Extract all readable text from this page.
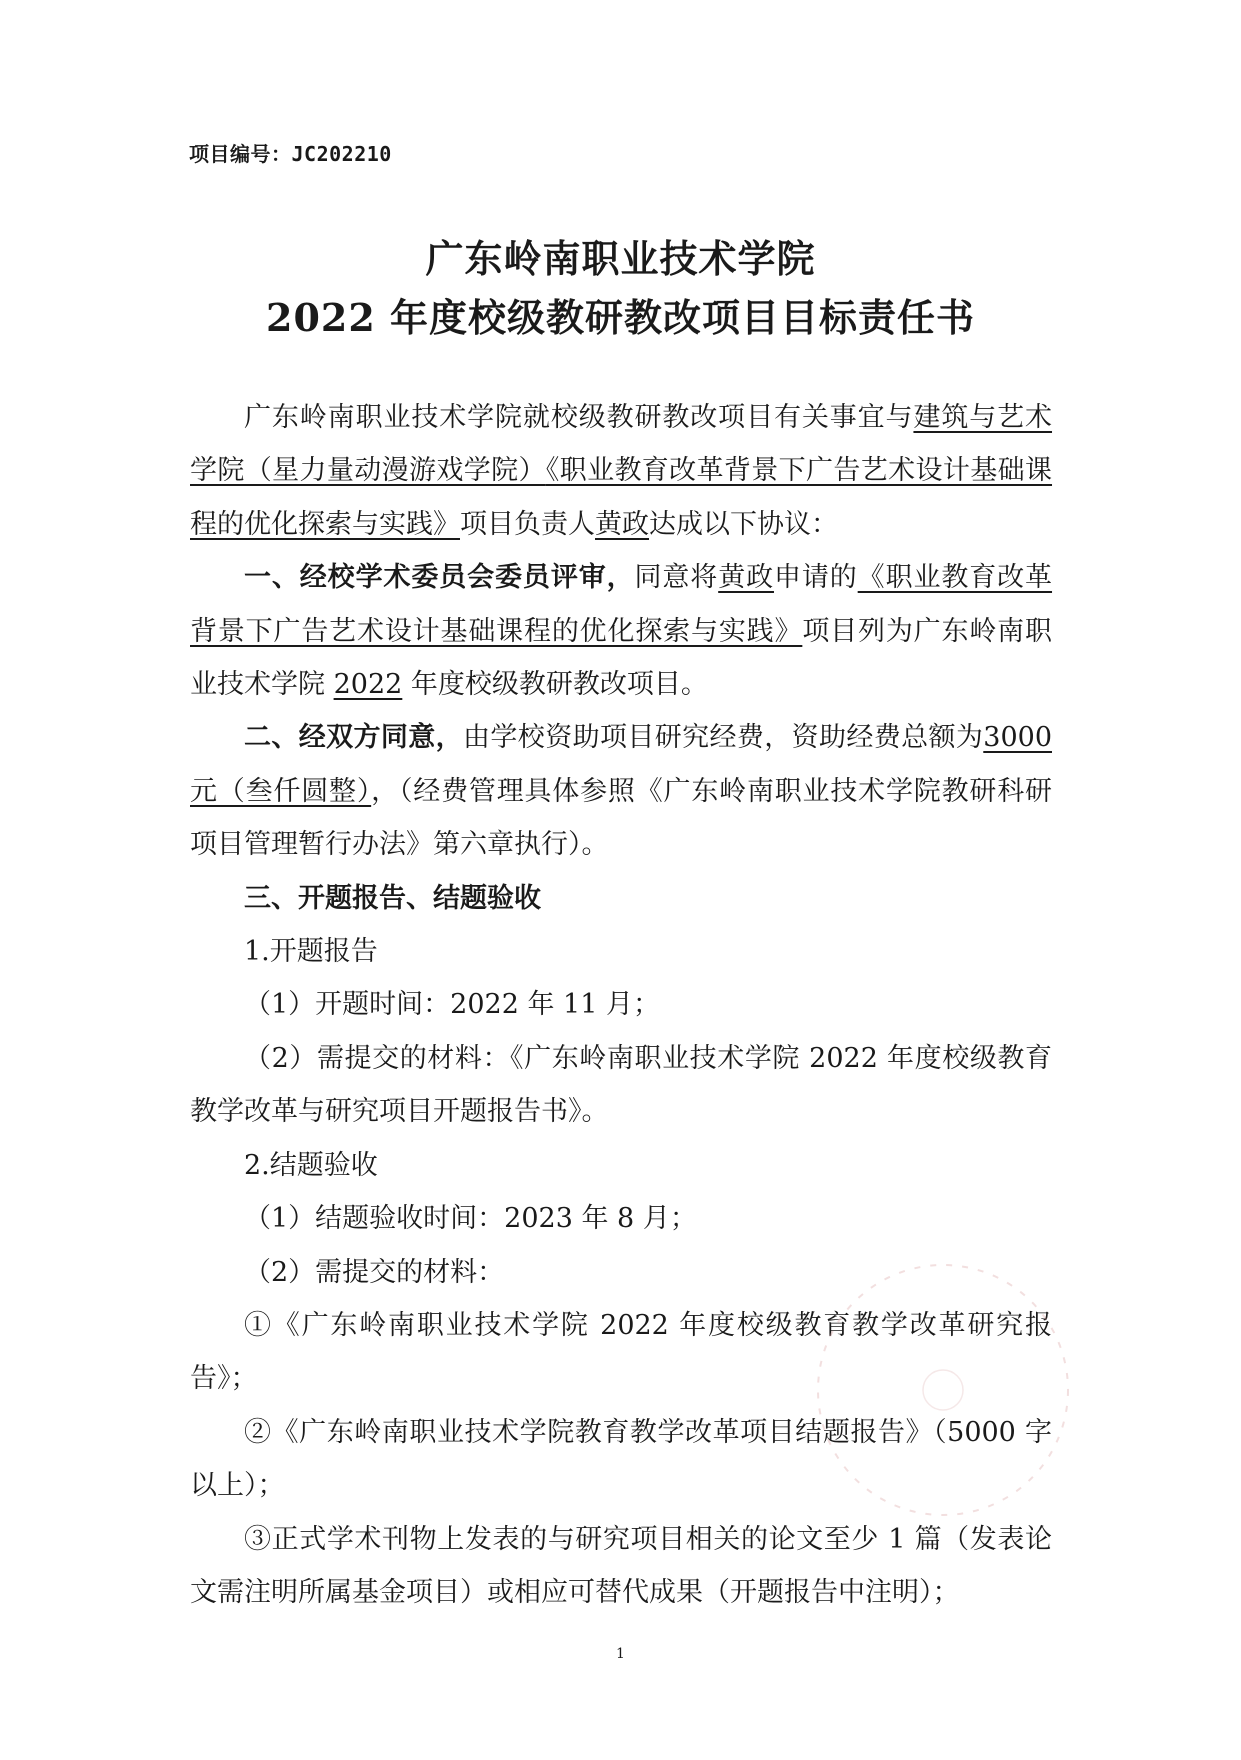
项目编号：JC202210
广东岭南职业技术学院
2022 年度校级教研教改项目目标责任书

广东岭南职业技术学院就校级教研教改项目有关事宜与建筑与艺术学院（星力量动漫游戏学院）《职业教育改革背景下广告艺术设计基础课程的优化探索与实践》项目负责人黄政达成以下协议：

一、经校学术委员会委员评审，同意将黄政申请的《职业教育改革背景下广告艺术设计基础课程的优化探索与实践》项目列为广东岭南职业技术学院 2022 年度校级教研教改项目。

二、经双方同意，由学校资助项目研究经费，资助经费总额为3000 元（叁仟圆整），（经费管理具体参照《广东岭南职业技术学院教研科研项目管理暂行办法》第六章执行）。

三、开题报告、结题验收

1.开题报告

（1）开题时间：2022 年 11 月；

（2）需提交的材料：《广东岭南职业技术学院 2022 年度校级教育教学改革与研究项目开题报告书》。

2.结题验收

（1）结题验收时间：2023 年 8 月；

（2）需提交的材料：

①《广东岭南职业技术学院 2022 年度校级教育教学改革研究报告》；

②《广东岭南职业技术学院教育教学改革项目结题报告》（5000 字以上）；

③正式学术刊物上发表的与研究项目相关的论文至少 1 篇（发表论文需注明所属基金项目）或相应可替代成果（开题报告中注明）；

1
